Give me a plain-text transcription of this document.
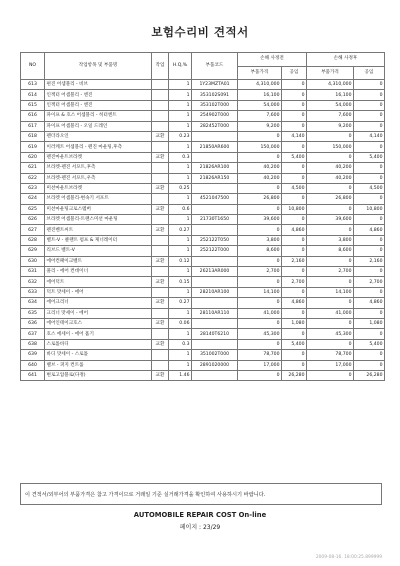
보험수리비 견적서
NO	작업항목 및 부품명	작업	H.Q,%	부품코드	손해 사정전		손해 사정후	
					부품가격	공임	부품가격	공임
613	편진 어셈블리 - 비브		1	1Y23MZTA01	4,310,000	0	4,310,000	0
614	인젝터 어셈블리 - 엔진		1	353102S091	16,100	0	16,100	0
615	인젝터 어셈블리 - 엔진		1	353102T000	54,000	0	54,000	0
616	파이프 & 호스 어셈블리 - 히터엔트		1	254902T000	7,600	0	7,600	0
617	파이프 어셈블리 - 오일 드레인		1	282452T000	9,200	0	9,200	0
618	펜더라오인	교환	0.23		0	4,140	0	4,140
619	이러케트 어셈블리 - 펜진 마운팅,후측		1	21850AR600	150,000	0	150,000	0
620	펜진마운트브라켓	교환	0.3		0	5,400	0	5,400
621	브라켓-펜진 서포트,후측		1	21826AR100	40,200	0	40,200	0
622	브라켓-펜진 서포트,우측		1	21826AR150	40,200	0	40,200	0
623	미션마운트브라켓	교환	0.25		0	4,500	0	4,500
624	브라켓 어셈블리-변속기 서포트		1	4521047500	26,800	0	26,800	0
625	미션마운팅크로스멤버	교환	0.6		0	10,800	0	10,800
626	브라켓 어셈블리-트랜스미션 마운팅		1	21730T1650	39,600	0	39,600	0
627	펜진벤트씨트	교환	0.27		0	4,860	0	4,860
628	벨트-V - 클랜트 펌프 & 제너레이터		1	252122T050	3,800	0	3,800	0
629	리브드 벨트-V		1	252122T000	8,600	0	8,600	0
630	에어컨패이크벨트	교환	0.12		0	2,160	0	2,160
631	풀리 - 에어 컨데이너		1	26213AR000	2,700	0	2,700	0
632	에어덕트	교환	0.15		0	2,700	0	2,700
633	덕트 맛세이 - 에어		1	28210AR100	14,100	0	14,100	0
634	에어크리너	교환	0.27		0	4,860	0	4,860
635	크리너 맛세이 - 에어		1	28110AR110	41,000	0	41,000	0
636	에어인테이크호스	교환	0.06		0	1,080	0	1,080
637	호스 에세이 - 에어 흡기		1	28140T6210	45,300	0	45,300	0
638	스로틀바디	교환	0.3		0	5,400	0	5,400
639	바디 맛세이 - 스로틀		1	351002T000	78,700	0	78,700	0
640	밸브 - 퍼지 컨트롤		1	2891020000	17,000	0	17,000	0
641	변로고압블로(다정)	교환	1.46		0	26,280	0	26,280
이 견적서/외부어의 부품가격은 참고 가격이므로 거래일 기준 실거래가격을 확인하여 사용하시기 바랍니다.
AUTOMOBILE REPAIR COST On-line
페이지 : 23/29
2009-08-16. 18:00:25.899999
